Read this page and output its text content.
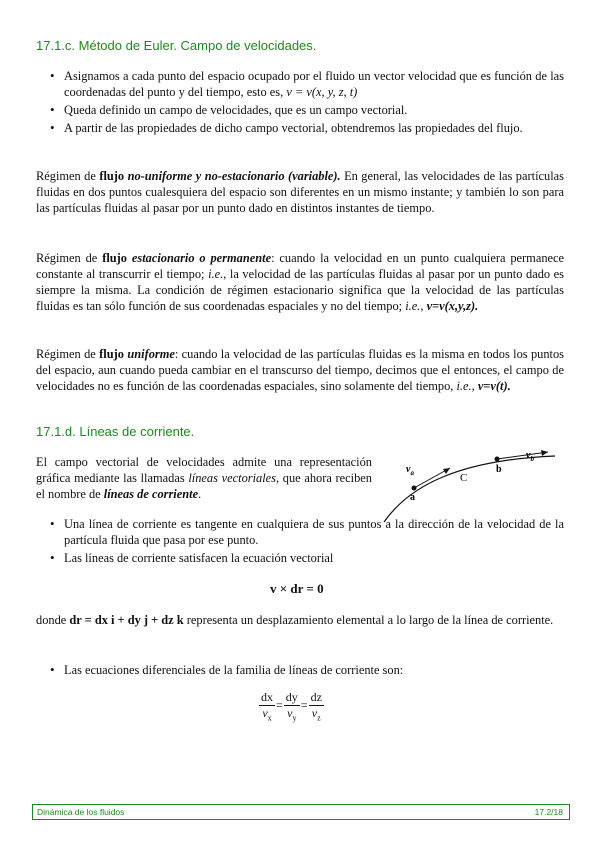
17.1.c. Método de Euler. Campo de velocidades.
• Asignamos a cada punto del espacio ocupado por el fluido un vector velocidad que es función de las coordenadas del punto y del tiempo, esto es, v = v(x, y, z, t)
• Queda definido un campo de velocidades, que es un campo vectorial.
• A partir de las propiedades de dicho campo vectorial, obtendremos las propiedades del flujo.

Régimen de flujo no-uniforme y no-estacionario (variable). En general, las velocidades de las partículas fluidas en dos puntos cualesquiera del espacio son diferentes en un mismo instante; y también lo son para las partículas fluidas al pasar por un punto dado en distintos instantes de tiempo.

Régimen de flujo estacionario o permanente: cuando la velocidad en un punto cualquiera permanece constante al transcurrir el tiempo; i.e., la velocidad de las partículas fluidas al pasar por un punto dado es siempre la misma. La condición de régimen estacionario significa que la velocidad de las partículas fluidas es tan sólo función de sus coordenadas espaciales y no del tiempo; i.e., v=v(x,y,z).

Régimen de flujo uniforme: cuando la velocidad de las partículas fluidas es la misma en todos los puntos del espacio, aun cuando pueda cambiar en el transcurso del tiempo, decimos que el entonces, el campo de velocidades no es función de las coordenadas espaciales, sino solamente del tiempo, i.e., v=v(t).

17.1.d. Líneas de corriente.

El campo vectorial de velocidades admite una representación gráfica mediante las llamadas líneas vectoriales, que ahora reciben el nombre de líneas de corriente.

$v_a$
$v_b$
a
b
C
• Una línea de corriente es tangente en cualquiera de sus puntos a la dirección de la velocidad de la partícula fluida que pasa por ese punto.
• Las líneas de corriente satisfacen la ecuación vectorial
v × dr = 0

donde dr = dx i + dy j + dz k representa un desplazamiento elemental a lo largo de la línea de corriente.

• Las ecuaciones diferenciales de la familia de líneas de corriente son:
$\frac{dx}{v_x} = \frac{dy}{v_y} = \frac{dz}{v_z}$
Dinámica de los fluidos	17.2/18
